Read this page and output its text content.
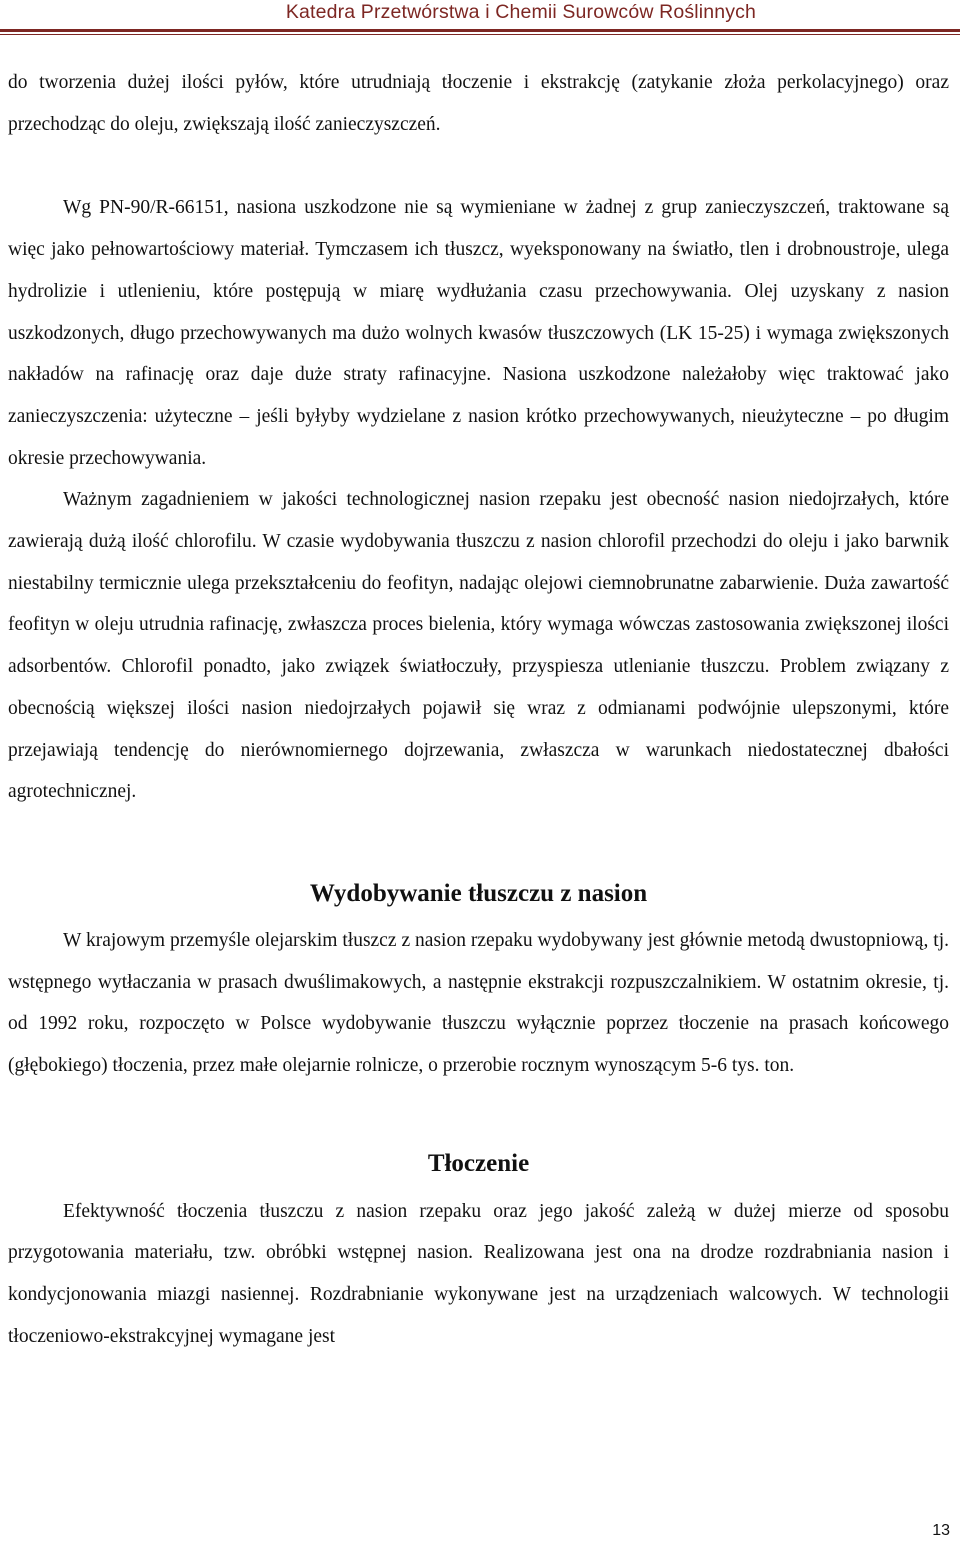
Katedra Przetwórstwa i Chemii Surowców Roślinnych

do tworzenia dużej ilości pyłów, które utrudniają tłoczenie i ekstrakcję (zatykanie złoża perkolacyjnego) oraz przechodząc do oleju, zwiększają ilość zanieczyszczeń.

Wg PN-90/R-66151, nasiona uszkodzone nie są wymieniane w żadnej z grup zanieczyszczeń, traktowane są więc jako pełnowartościowy materiał. Tymczasem ich tłuszcz, wyeksponowany na światło, tlen i drobnoustroje, ulega hydrolizie i utlenieniu, które postępują w miarę wydłużania czasu przechowywania. Olej uzyskany z nasion uszkodzonych, długo przechowywanych ma dużo wolnych kwasów tłuszczowych (LK 15-25) i wymaga zwiększonych nakładów na rafinację oraz daje duże straty rafinacyjne. Nasiona uszkodzone należałoby więc traktować jako zanieczyszczenia: użyteczne – jeśli byłyby wydzielane z nasion krótko przechowywanych, nieużyteczne – po długim okresie przechowywania.

Ważnym zagadnieniem w jakości technologicznej nasion rzepaku jest obecność nasion niedojrzałych, które zawierają dużą ilość chlorofilu. W czasie wydobywania tłuszczu z nasion chlorofil przechodzi do oleju i jako barwnik niestabilny termicznie ulega przekształceniu do feofityn, nadając olejowi ciemnobrunatne zabarwienie. Duża zawartość feofityn w oleju utrudnia rafinację, zwłaszcza proces bielenia, który wymaga wówczas zastosowania zwiększonej ilości adsorbentów. Chlorofil ponadto, jako związek światłoczuły, przyspiesza utlenianie tłuszczu. Problem związany z obecnością większej ilości nasion niedojrzałych pojawił się wraz z odmianami podwójnie ulepszonymi, które przejawiają tendencję do nierównomiernego dojrzewania, zwłaszcza w warunkach niedostatecznej dbałości agrotechnicznej.

Wydobywanie tłuszczu z nasion

W krajowym przemyśle olejarskim tłuszcz z nasion rzepaku wydobywany jest głównie metodą dwustopniową, tj. wstępnego wytłaczania w prasach dwuślimakowych, a następnie ekstrakcji rozpuszczalnikiem. W ostatnim okresie, tj. od 1992 roku, rozpoczęto w Polsce wydobywanie tłuszczu wyłącznie poprzez tłoczenie na prasach końcowego (głębokiego) tłoczenia, przez małe olejarnie rolnicze, o przerobie rocznym wynoszącym 5-6 tys. ton.

Tłoczenie

Efektywność tłoczenia tłuszczu z nasion rzepaku oraz jego jakość zależą w dużej mierze od sposobu przygotowania materiału, tzw. obróbki wstępnej nasion. Realizowana jest ona na drodze rozdrabniania nasion i kondycjonowania miazgi nasiennej. Rozdrabnianie wykonywane jest na urządzeniach walcowych. W technologii tłoczeniowo-ekstrakcyjnej wymagane jest

13
